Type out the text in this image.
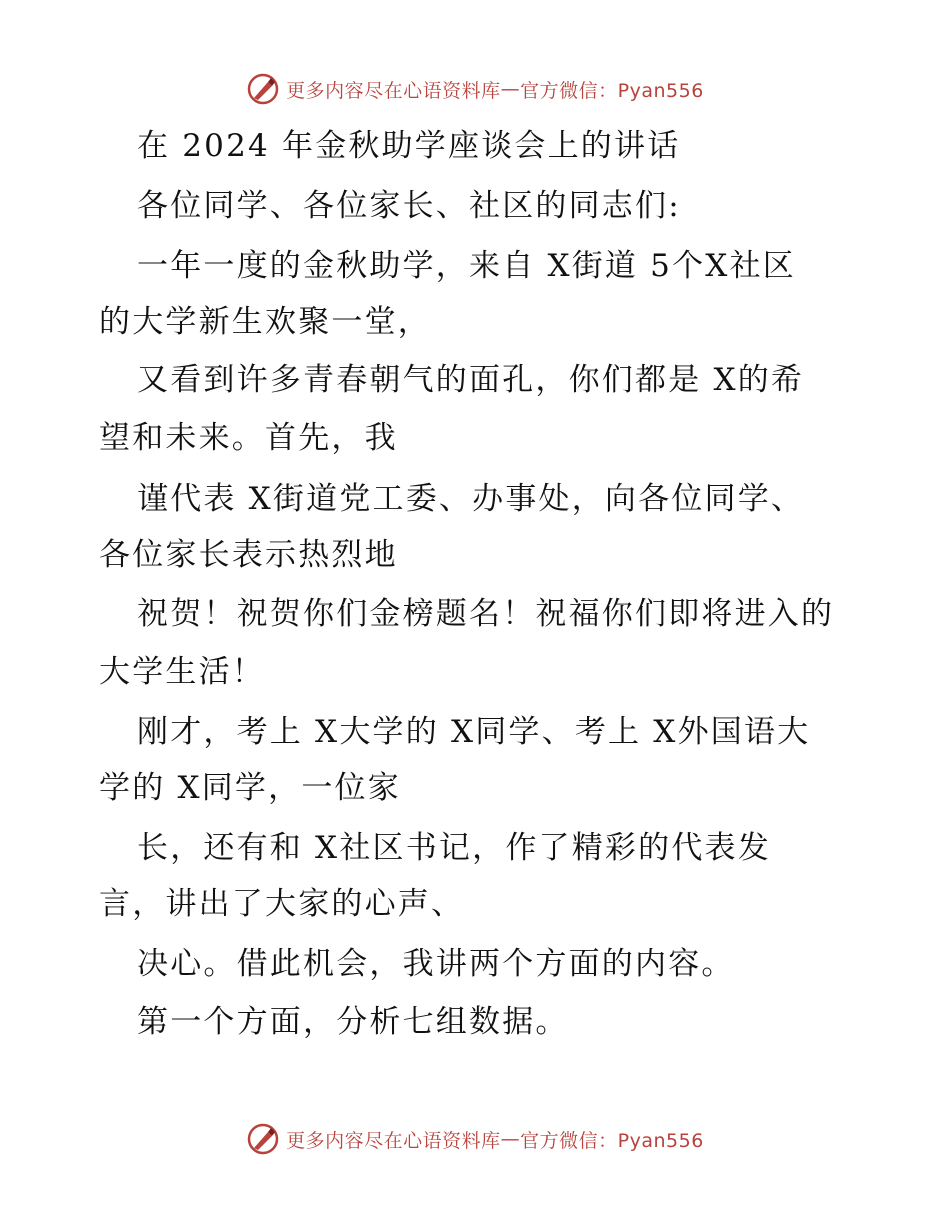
更多内容尽在心语资料库 — 官方微信：Pyan556
在 2024 年金秋助学座谈会上的讲话
各位同学、各位家长、社区的同志们:
一年一度的金秋助学，来自 X街道 5个X社区
的大学新生欢聚一堂，
又看到许多青春朝气的面孔，你们都是 X的希
望和未来。首先，我
谨代表 X街道党工委、办事处，向各位同学、
各位家长表示热烈地
祝贺！祝贺你们金榜题名！祝福你们即将进入的
大学生活！
刚才，考上 X大学的 X同学、考上 X外国语大
学的 X同学，一位家
长，还有和 X社区书记，作了精彩的代表发
言，讲出了大家的心声、
决心。借此机会，我讲两个方面的内容。
第一个方面，分析七组数据。
更多内容尽在心语资料库 — 官方微信：Pyan556
